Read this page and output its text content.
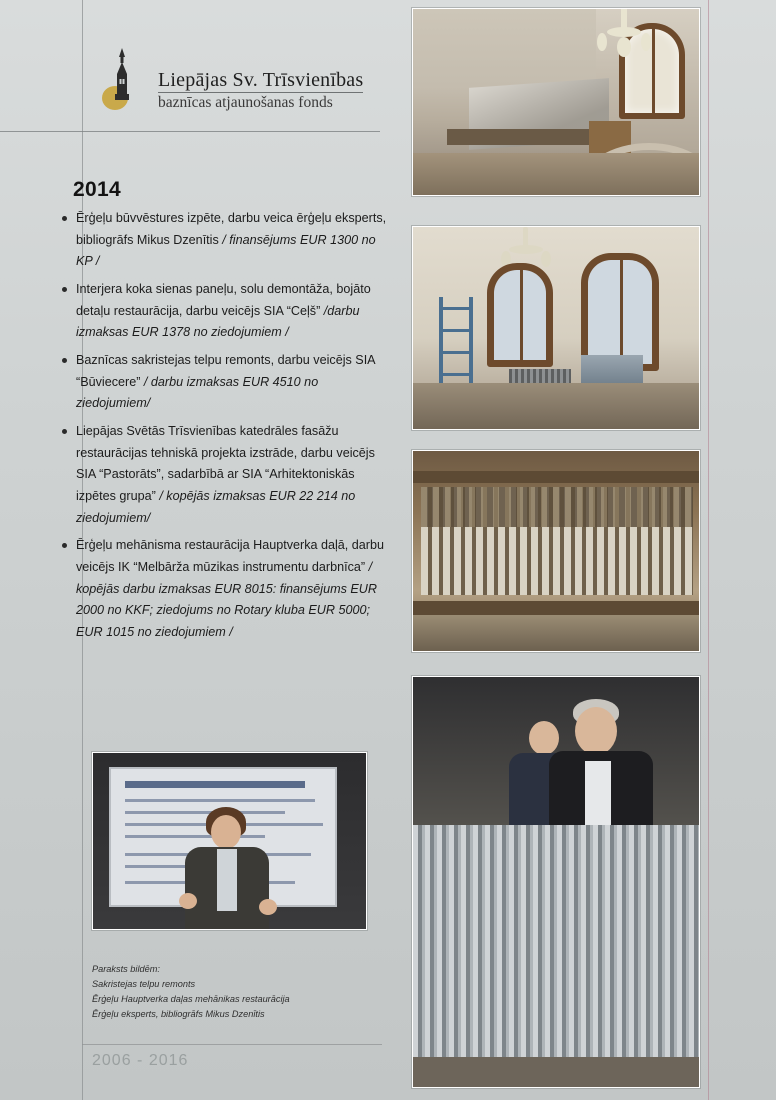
Liepājas Sv. Trīsvienības
baznīcas atjaunošanas fonds
2014
Ērģeļu būvvēstures izpēte, darbu veica ērģeļu eksperts, bibliogrāfs Mikus Dzenītis / finansējums EUR 1300 no KP /
Interjera koka sienas paneļu, solu demontāža, bojāto detaļu restaurācija, darbu veicējs SIA “Ceļš” /darbu izmaksas EUR 1378 no ziedojumiem /
Baznīcas sakristejas telpu remonts, darbu veicējs SIA “Būviecere” / darbu izmaksas EUR 4510 no ziedojumiem/
Liepājas Svētās Trīsvienības katedrāles fasāžu restaurācijas tehniskā projekta izstrāde, darbu veicējs SIA “Pastorāts”, sadarbībā ar SIA “Arhitektoniskās izpētes grupa” / kopējās izmaksas EUR 22 214 no ziedojumiem/
Ērģeļu mehānisma restaurācija Hauptverka daļā, darbu veicējs IK “Melbārža mūzikas instrumentu darbnīca” / kopējās darbu izmaksas EUR 8015: finansējums EUR 2000 no KKF; ziedojums no Rotary kluba EUR 5000; EUR 1015 no ziedojumiem /
Paraksts bildēm:
Sakristejas telpu remonts
Ērģeļu Hauptverka daļas mehānikas restaurācija
Ērģeļu eksperts, bibliogrāfs Mikus Dzenītis
2006 - 2016
